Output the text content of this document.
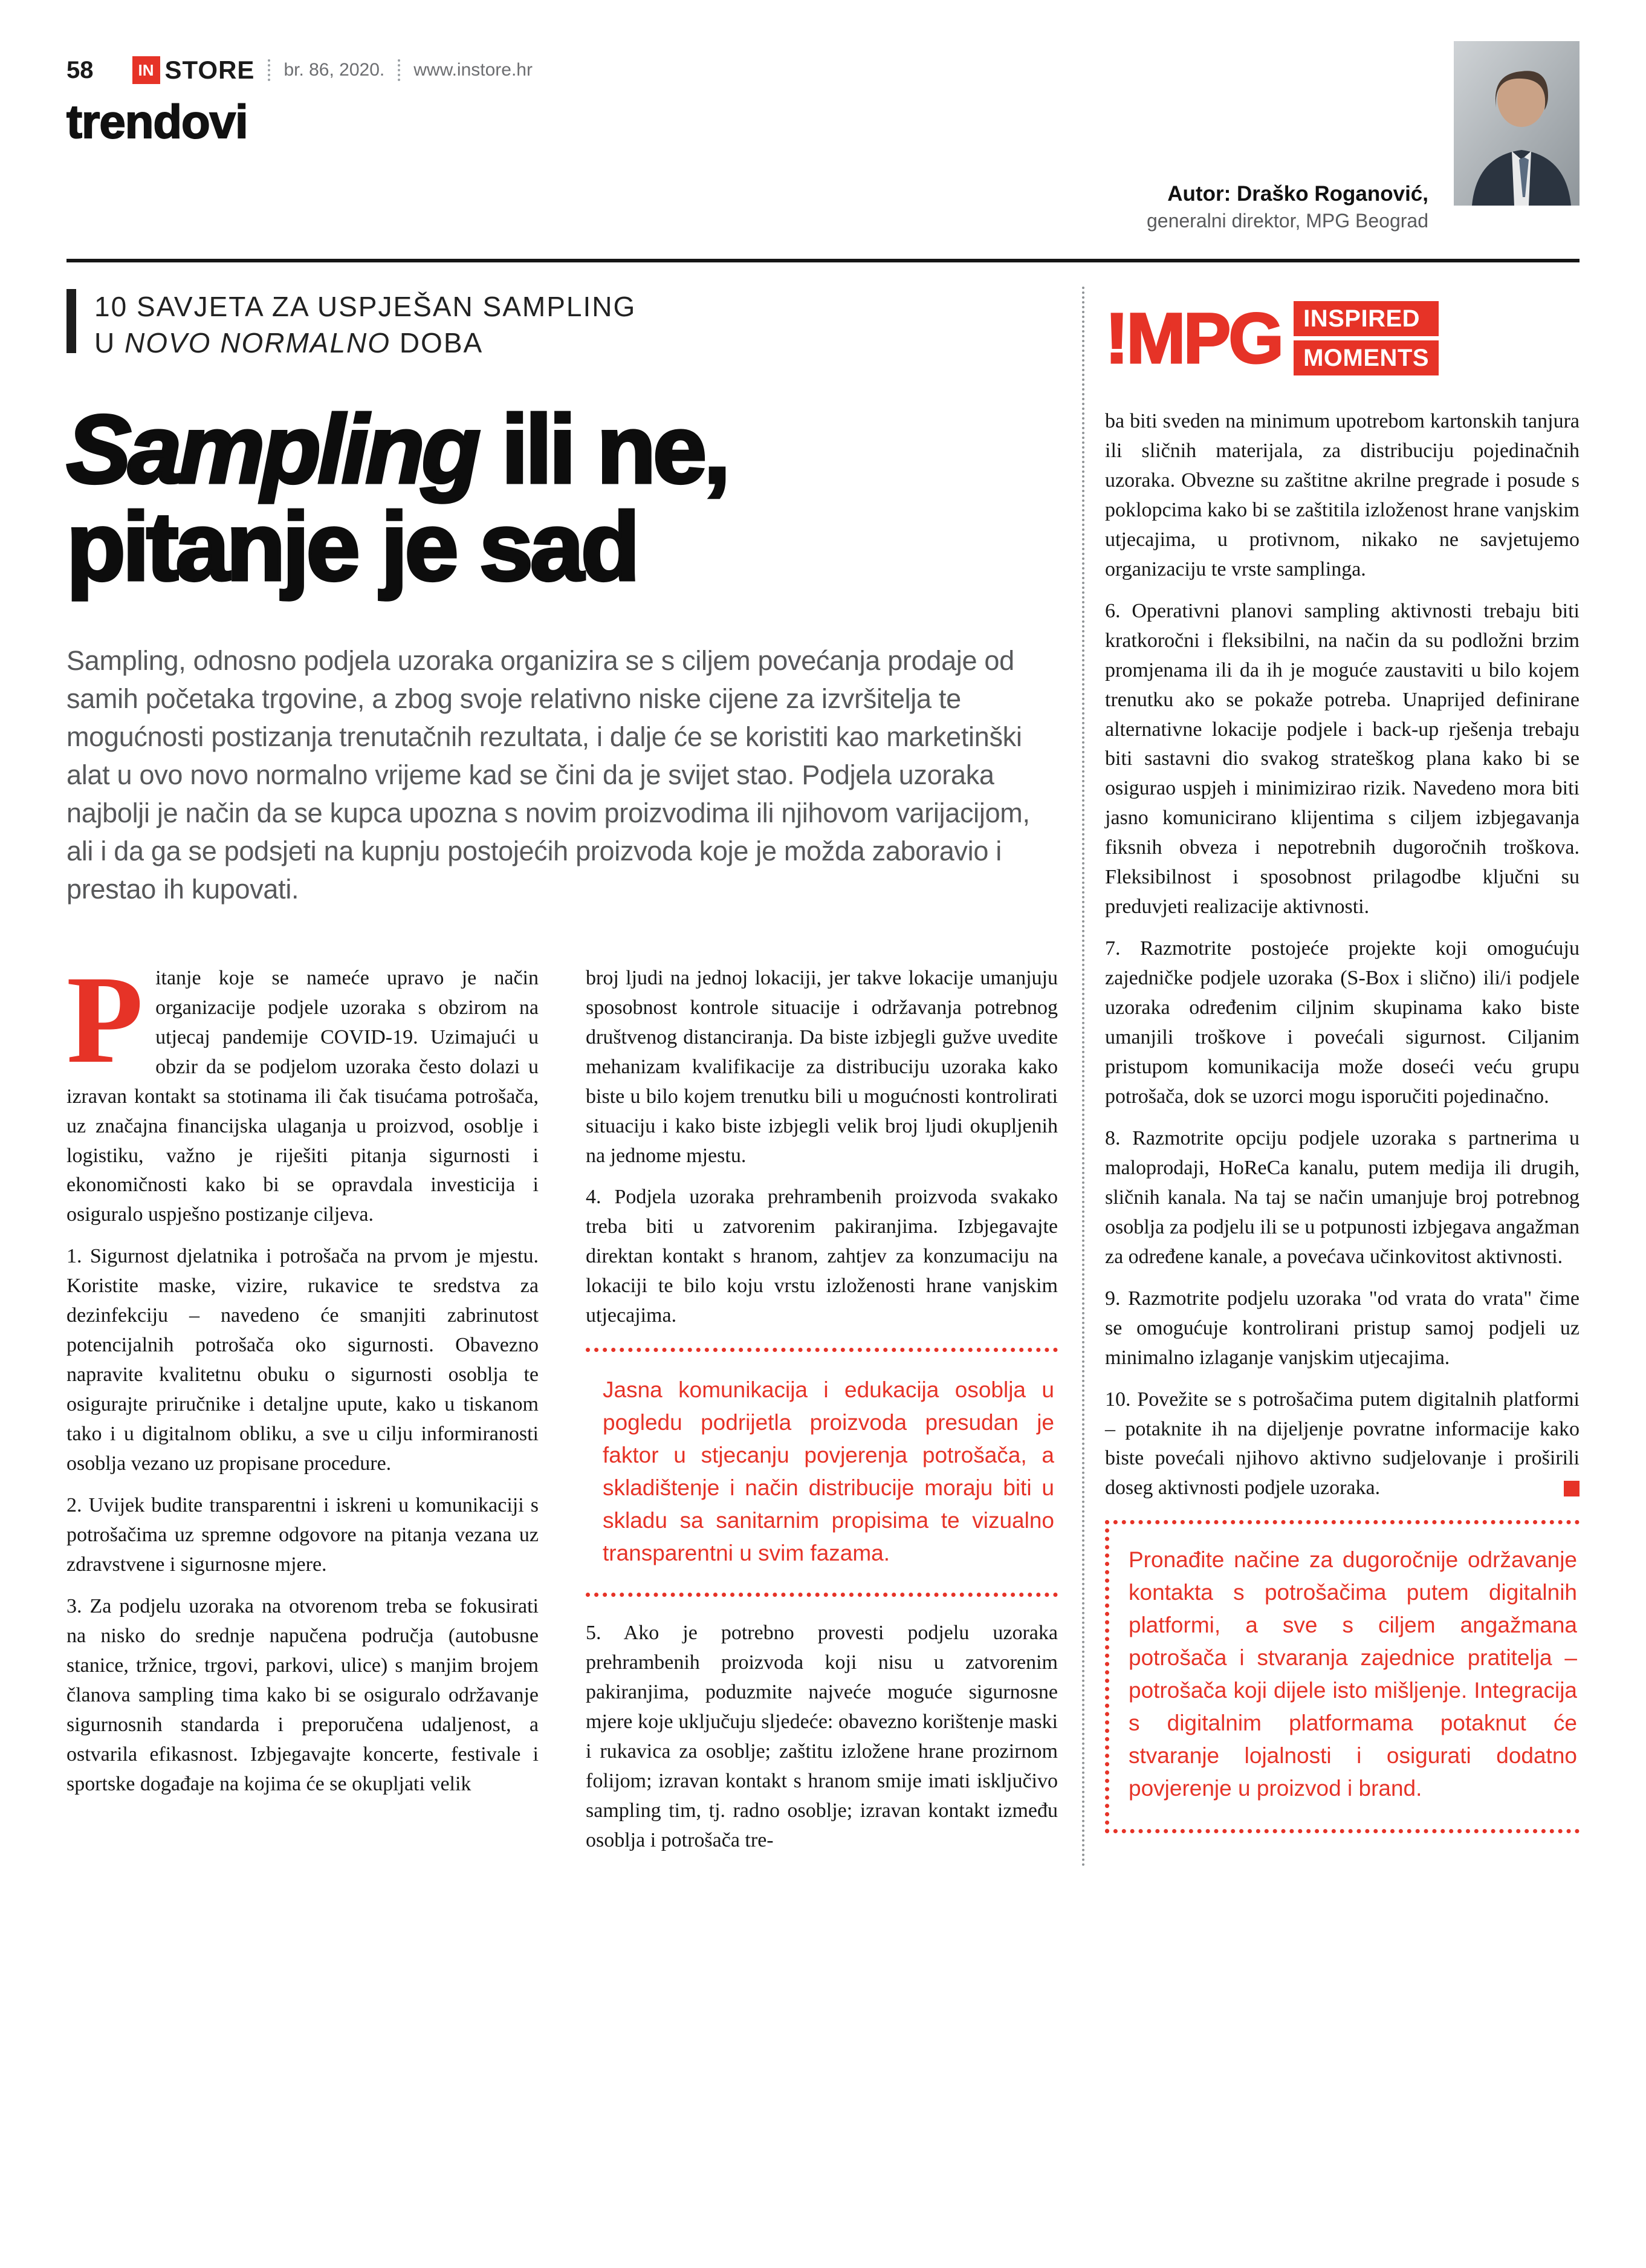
58	IN STORE br. 86, 2020. www.instore.hr
trendovi
Autor: Draško Roganović,
generalni direktor, MPG Beograd
10 SAVJETA ZA USPJEŠAN SAMPLING
U NOVO NORMALNO DOBA
Sampling ili ne,
pitanje je sad

Sampling, odnosno podjela uzoraka organizira se s ciljem povećanja prodaje od samih početaka trgovine, a zbog svoje relativno niske cijene za izvršitelja te mogućnosti postizanja trenutačnih rezultata, i dalje će se koristiti kao marketinški alat u ovo novo normalno vrijeme kad se čini da je svijet stao. Podjela uzoraka najbolji je način da se kupca upozna s novim proizvodima ili njihovom varijacijom, ali i da ga se podsjeti na kupnju postojećih proizvoda koje je možda zaboravio i prestao ih kupovati.

Pitanje koje se nameće upravo je način organizacije podjele uzoraka s obzirom na utjecaj pandemije COVID-19. Uzimajući u obzir da se podjelom uzoraka često dolazi u izravan kontakt sa stotinama ili čak tisućama potrošača, uz značajna financijska ulaganja u proizvod, osoblje i logistiku, važno je riješiti pitanja sigurnosti i ekonomičnosti kako bi se opravdala investicija i osiguralo uspješno postizanje ciljeva.

1. Sigurnost djelatnika i potrošača na prvom je mjestu. Koristite maske, vizire, rukavice te sredstva za dezinfekciju – navedeno će smanjiti zabrinutost potencijalnih potrošača oko sigurnosti. Obavezno napravite kvalitetnu obuku o sigurnosti osoblja te osigurajte priručnike i detaljne upute, kako u tiskanom tako i u digitalnom obliku, a sve u cilju informiranosti osoblja vezano uz propisane procedure.

2. Uvijek budite transparentni i iskreni u komunikaciji s potrošačima uz spremne odgovore na pitanja vezana uz zdravstvene i sigurnosne mjere.

3. Za podjelu uzoraka na otvorenom treba se fokusirati na nisko do srednje napučena područja (autobusne stanice, tržnice, trgovi, parkovi, ulice) s manjim brojem članova sampling tima kako bi se osiguralo održavanje sigurnosnih standarda i preporučena udaljenost, a ostvarila efikasnost. Izbjegavajte koncerte, festivale i sportske događaje na kojima će se okupljati velik

broj ljudi na jednoj lokaciji, jer takve lokacije umanjuju sposobnost kontrole situacije i održavanja potrebnog društvenog distanciranja. Da biste izbjegli gužve uvedite mehanizam kvalifikacije za distribuciju uzoraka kako biste u bilo kojem trenutku bili u mogućnosti kontrolirati situaciju i kako biste izbjegli velik broj ljudi okupljenih na jednome mjestu.

4. Podjela uzoraka prehrambenih proizvoda svakako treba biti u zatvorenim pakiranjima. Izbjegavajte direktan kontakt s hranom, zahtjev za konzumaciju na lokaciji te bilo koju vrstu izloženosti hrane vanjskim utjecajima.

Jasna komunikacija i edukacija osoblja u pogledu podrijetla proizvoda presudan je faktor u stjecanju povjerenja potrošača, a skladištenje i način distribucije moraju biti u skladu sa sanitarnim propisima te vizualno transparentni u svim fazama.

5. Ako je potrebno provesti podjelu uzoraka prehrambenih proizvoda koji nisu u zatvorenim pakiranjima, poduzmite najveće moguće sigurnosne mjere koje uključuju sljedeće: obavezno korištenje maski i rukavica za osoblje; zaštitu izložene hrane prozirnom folijom; izravan kontakt s hranom smije imati isključivo sampling tim, tj. radno osoblje; izravan kontakt između osoblja i potrošača tre-

!MPG INSPIRED
MOMENTS

ba biti sveden na minimum upotrebom kartonskih tanjura ili sličnih materijala, za distribuciju pojedinačnih uzoraka. Obvezne su zaštitne akrilne pregrade i posude s poklopcima kako bi se zaštitila izloženost hrane vanjskim utjecajima, u protivnom, nikako ne savjetujemo organizaciju te vrste samplinga.

6. Operativni planovi sampling aktivnosti trebaju biti kratkoročni i fleksibilni, na način da su podložni brzim promjenama ili da ih je moguće zaustaviti u bilo kojem trenutku ako se pokaže potreba. Unaprijed definirane alternativne lokacije podjele i back-up rješenja trebaju biti sastavni dio svakog strateškog plana kako bi se osigurao uspjeh i minimizirao rizik. Navedeno mora biti jasno komunicirano klijentima s ciljem izbjegavanja fiksnih obveza i nepotrebnih dugoročnih troškova. Fleksibilnost i sposobnost prilagodbe ključni su preduvjeti realizacije aktivnosti.

7. Razmotrite postojeće projekte koji omogućuju zajedničke podjele uzoraka (S-Box i slično) ili/i podjele uzoraka određenim ciljnim skupinama kako biste umanjili troškove i povećali sigurnost. Ciljanim pristupom komunikacija može doseći veću grupu potrošača, dok se uzorci mogu isporučiti pojedinačno.

8. Razmotrite opciju podjele uzoraka s partnerima u maloprodaji, HoReCa kanalu, putem medija ili drugih, sličnih kanala. Na taj se način umanjuje broj potrebnog osoblja za podjelu ili se u potpunosti izbjegava angažman za određene kanale, a povećava učinkovitost aktivnosti.

9. Razmotrite podjelu uzoraka "od vrata do vrata" čime se omogućuje kontrolirani pristup samoj podjeli uz minimalno izlaganje vanjskim utjecajima.

10. Povežite se s potrošačima putem digitalnih platformi – potaknite ih na dijeljenje povratne informacije kako biste povećali njihovo aktivno sudjelovanje i proširili doseg aktivnosti podjele uzoraka.

Pronađite načine za dugoročnije održavanje kontakta s potrošačima putem digitalnih platformi, a sve s ciljem angažmana potrošača i stvaranja zajednice pratitelja – potrošača koji dijele isto mišljenje. Integracija s digitalnim platformama potaknut će stvaranje lojalnosti i osigurati dodatno povjerenje u proizvod i brand.
